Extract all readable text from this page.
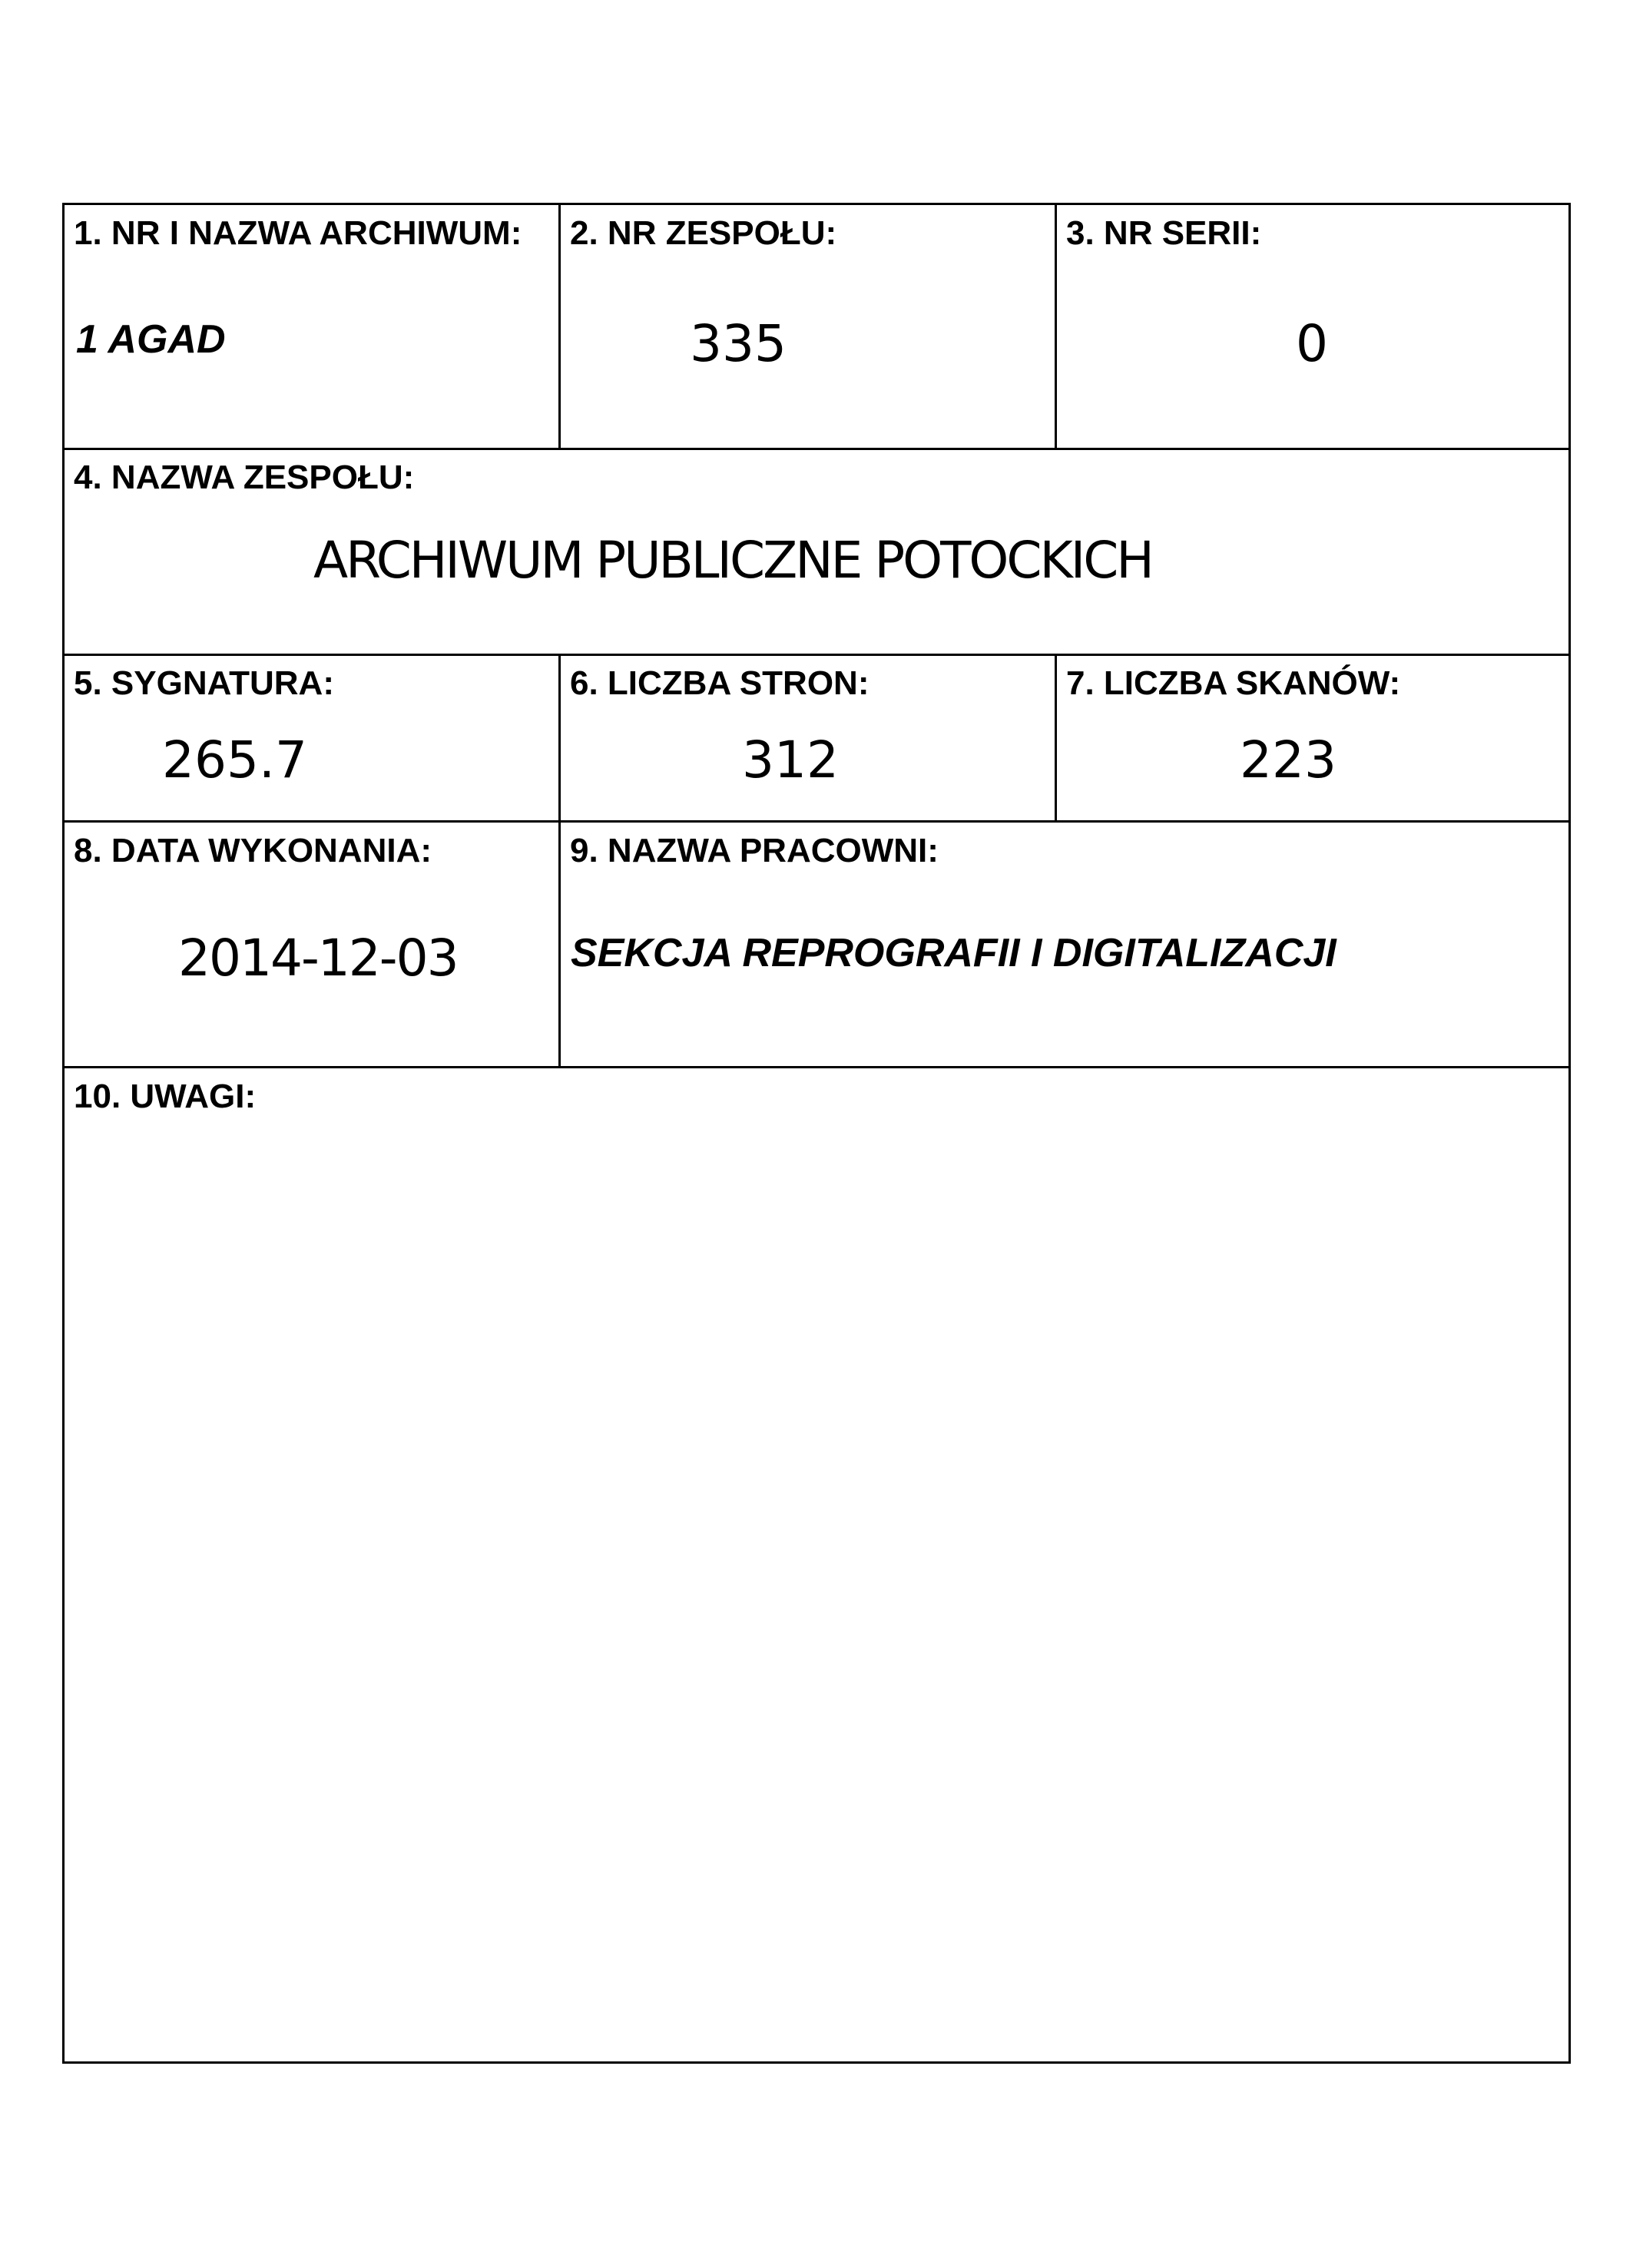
1. NR I NAZWA ARCHIWUM:
1 AGAD
2. NR ZESPOŁU:
335
3. NR SERII:
0
4. NAZWA ZESPOŁU:
ARCHIWUM PUBLICZNE POTOCKICH
5. SYGNATURA:
265.7
6. LICZBA STRON:
312
7. LICZBA SKANÓW:
223
8. DATA WYKONANIA:
2014-12-03
9. NAZWA PRACOWNI:
SEKCJA REPROGRAFII I DIGITALIZACJI
10. UWAGI:
